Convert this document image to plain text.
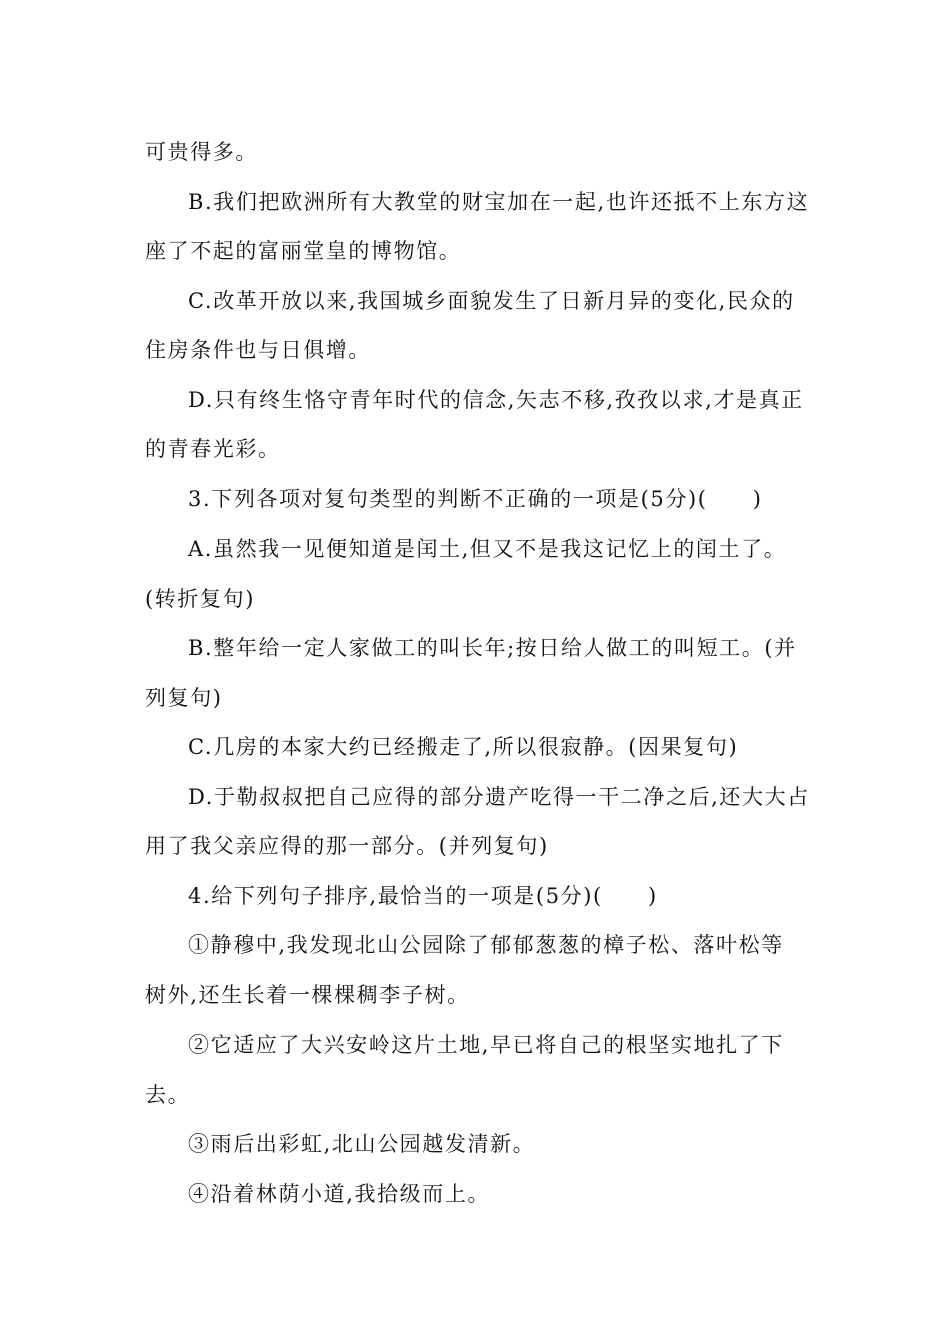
可贵得多。
B.我们把欧洲所有大教堂的财宝加在一起,也许还抵不上东方这
座了不起的富丽堂皇的博物馆。
C.改革开放以来,我国城乡面貌发生了日新月异的变化,民众的
住房条件也与日俱增。
D.只有终生恪守青年时代的信念,矢志不移,孜孜以求,才是真正
的青春光彩。
3.下列各项对复句类型的判断不正确的一项是(5分)(　　)
A.虽然我一见便知道是闰土,但又不是我这记忆上的闰土了。
(转折复句)
B.整年给一定人家做工的叫长年;按日给人做工的叫短工。(并
列复句)
C.几房的本家大约已经搬走了,所以很寂静。(因果复句)
D.于勒叔叔把自己应得的部分遗产吃得一干二净之后,还大大占
用了我父亲应得的那一部分。(并列复句)
4.给下列句子排序,最恰当的一项是(5分)(　　)
①静穆中,我发现北山公园除了郁郁葱葱的樟子松、落叶松等
树外,还生长着一棵棵稠李子树。
②它适应了大兴安岭这片土地,早已将自己的根坚实地扎了下
去。
③雨后出彩虹,北山公园越发清新。
④沿着林荫小道,我拾级而上。
